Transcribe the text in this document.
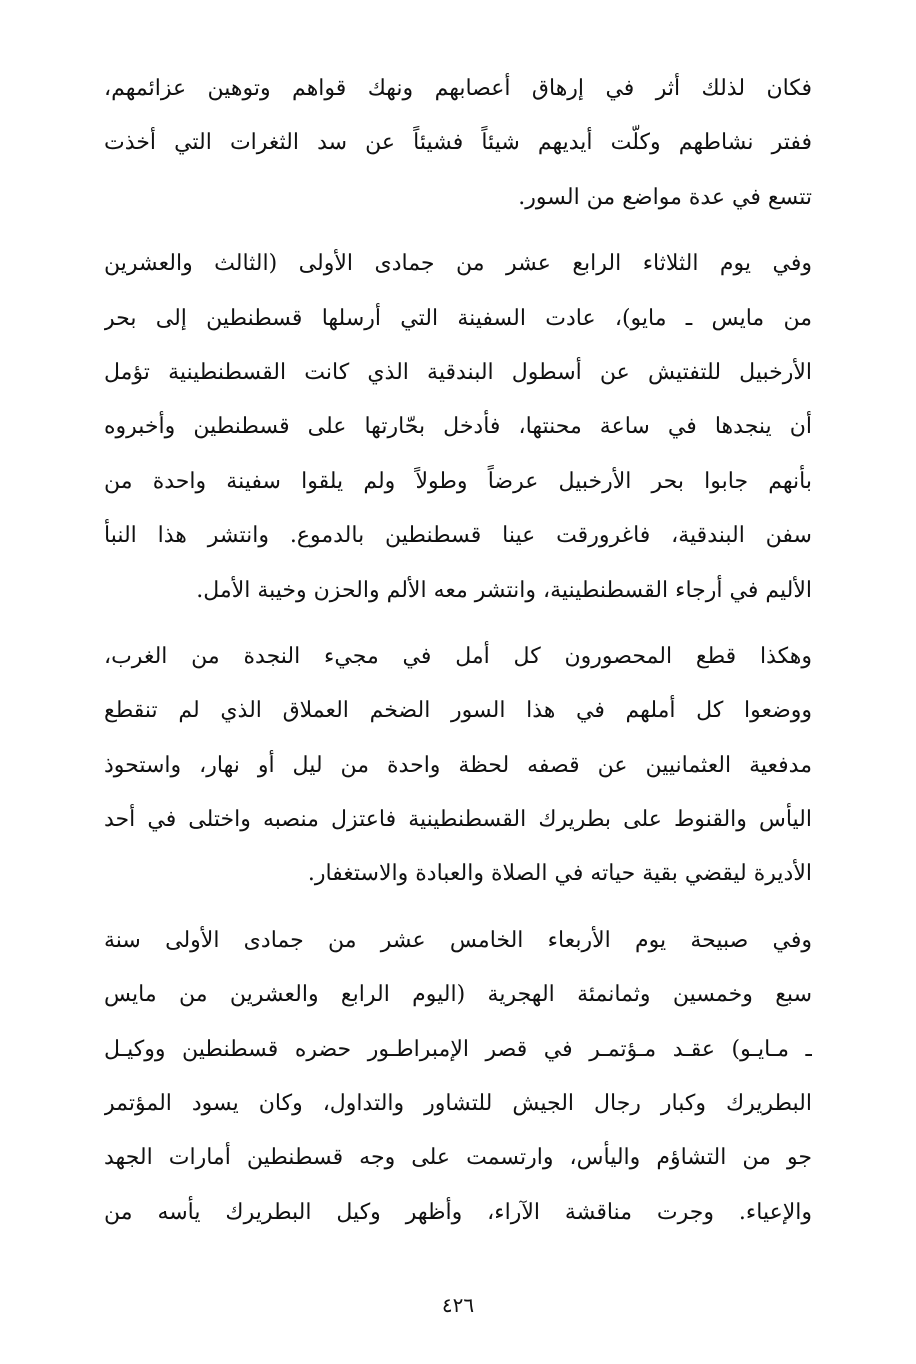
فكان لذلك أثر في إرهاق أعصابهم ونهك قواهم وتوهين عزائمهم،
ففتر نشاطهم وكلّت أيديهم شيئاً فشيئاً عن سد الثغرات التي أخذت
تتسع في عدة مواضع من السور.
وفي يوم الثلاثاء الرابع عشر من جمادى الأولى (الثالث والعشرين
من مايس ـ مايو)، عادت السفينة التي أرسلها قسطنطين إلى بحر
الأرخبيل للتفتيش عن أسطول البندقية الذي كانت القسطنطينية تؤمل
أن ينجدها في ساعة محنتها، فأدخل بحّارتها على قسطنطين وأخبروه
بأنهم جابوا بحر الأرخبيل عرضاً وطولاً ولم يلقوا سفينة واحدة من
سفن البندقية، فاغرورقت عينا قسطنطين بالدموع. وانتشر هذا النبأ
الأليم في أرجاء القسطنطينية، وانتشر معه الألم والحزن وخيبة الأمل.
وهكذا قطع المحصورون كل أمل في مجيء النجدة من الغرب،
ووضعوا كل أملهم في هذا السور الضخم العملاق الذي لم تنقطع
مدفعية العثمانيين عن قصفه لحظة واحدة من ليل أو نهار، واستحوذ
اليأس والقنوط على بطريرك القسطنطينية فاعتزل منصبه واختلى في أحد
الأديرة ليقضي بقية حياته في الصلاة والعبادة والاستغفار.
وفي صبيحة يوم الأربعاء الخامس عشر من جمادى الأولى سنة
سبع وخمسين وثمانمئة الهجرية (اليوم الرابع والعشرين من مايس
ـ مـايـو) عقـد مـؤتمـر في قصر الإمبراطـور حضره قسطنطين ووكيـل
البطريرك وكبار رجال الجيش للتشاور والتداول، وكان يسود المؤتمر
جو من التشاؤم واليأس، وارتسمت على وجه قسطنطين أمارات الجهد
والإعياء. وجرت مناقشة الآراء، وأظهر وكيل البطريرك يأسه من
٤٢٦
